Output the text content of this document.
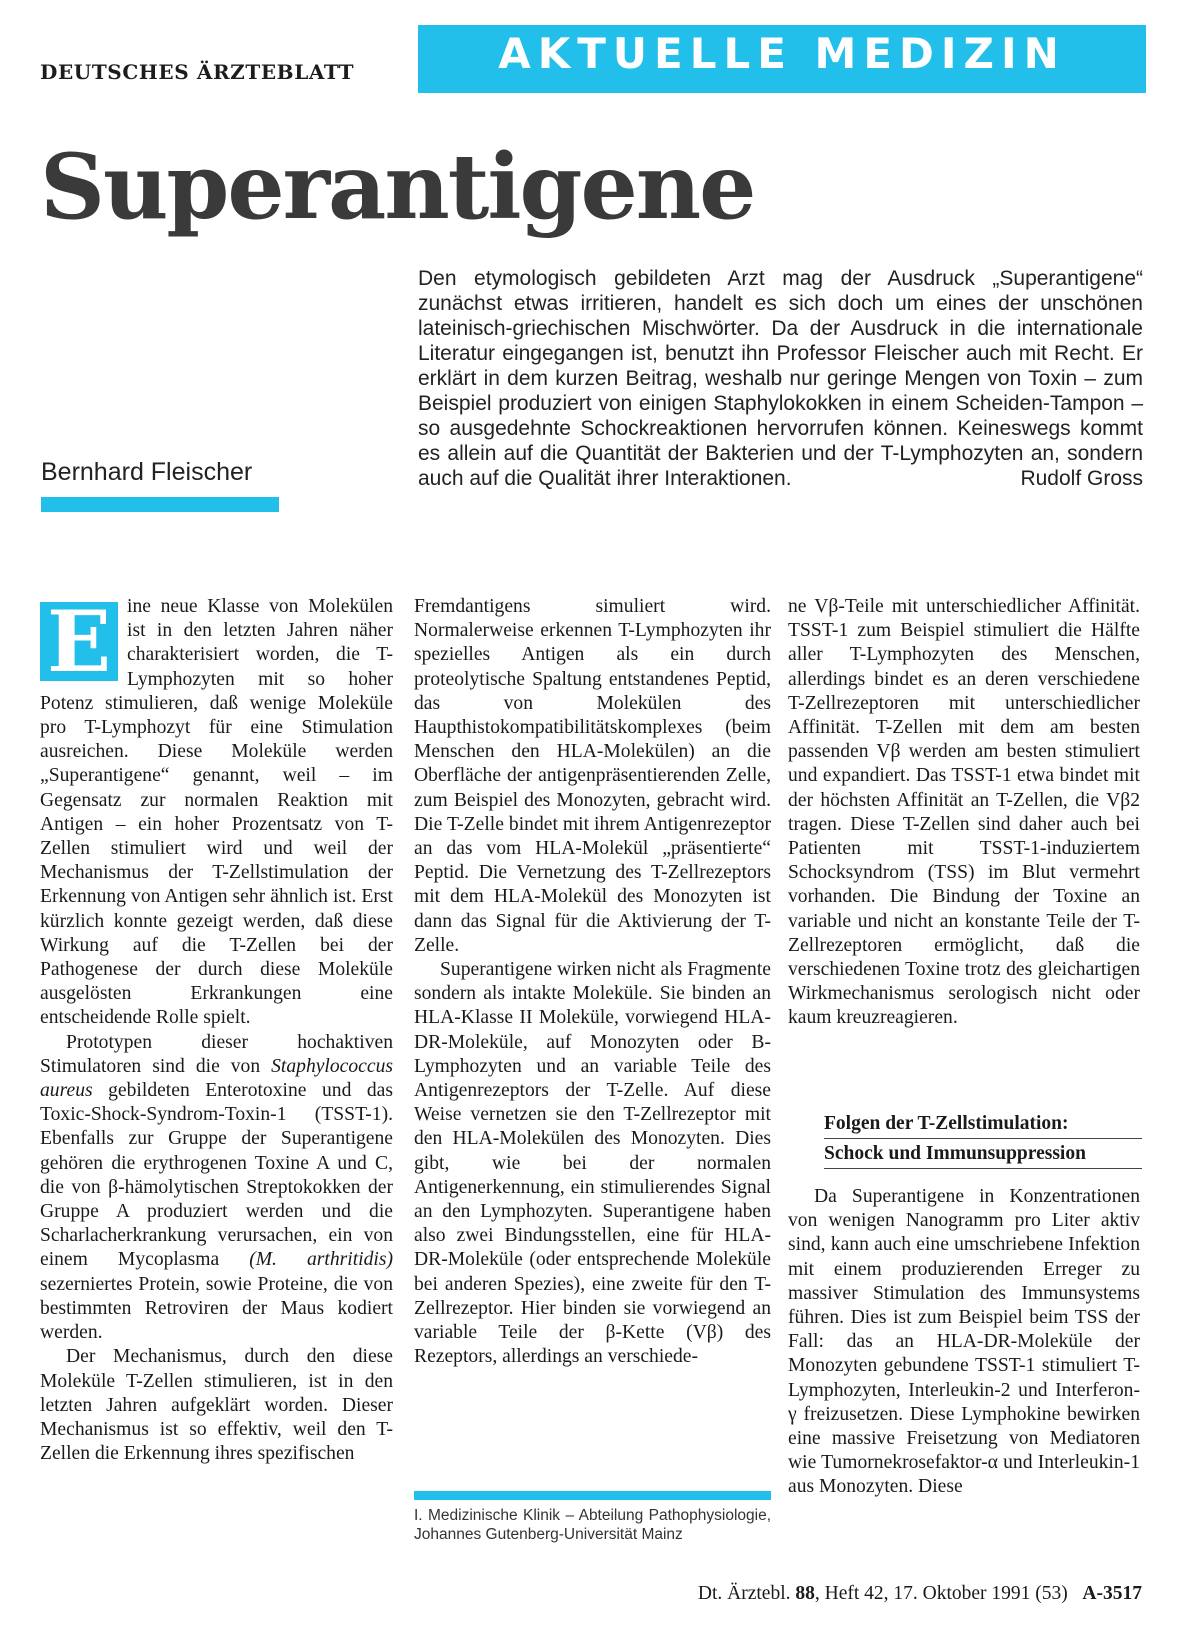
DEUTSCHES ÄRZTEBLATT	AKTUELLE MEDIZIN
Superantigene
Bernhard Fleischer
Den etymologisch gebildeten Arzt mag der Ausdruck „Superantigene“ zunächst etwas irritieren, handelt es sich doch um eines der unschönen lateinisch-griechischen Mischwörter. Da der Ausdruck in die internationale Literatur eingegangen ist, benutzt ihn Professor Fleischer auch mit Recht. Er erklärt in dem kurzen Beitrag, weshalb nur geringe Mengen von Toxin – zum Beispiel produziert von einigen Staphylokokken in einem Scheiden-Tampon – so ausgedehnte Schockreaktionen hervorrufen können. Keineswegs kommt es allein auf die Quantität der Bakterien und der T-Lymphozyten an, sondern auch auf die Qualität ihrer Interaktionen.	Rudolf Gross

E ine neue Klasse von Molekülen ist in den letzten Jahren näher charakterisiert worden, die T-Lymphozyten mit so hoher Potenz stimulieren, daß wenige Moleküle pro T-Lymphozyt für eine Stimulation ausreichen. Diese Moleküle werden „Superantigene“ genannt, weil – im Gegensatz zur normalen Reaktion mit Antigen – ein hoher Prozentsatz von T-Zellen stimuliert wird und weil der Mechanismus der T-Zellstimulation der Erkennung von Antigen sehr ähnlich ist. Erst kürzlich konnte gezeigt werden, daß diese Wirkung auf die T-Zellen bei der Pathogenese der durch diese Moleküle ausgelösten Erkrankungen eine entscheidende Rolle spielt.

Prototypen dieser hochaktiven Stimulatoren sind die von Staphylococcus aureus gebildeten Enterotoxine und das Toxic-Shock-Syndrom-Toxin-1 (TSST-1). Ebenfalls zur Gruppe der Superantigene gehören die erythrogenen Toxine A und C, die von β-hämolytischen Streptokokken der Gruppe A produziert werden und die Scharlacherkrankung verursachen, ein von einem Mycoplasma (M. arthritidis) sezerniertes Protein, sowie Proteine, die von bestimmten Retroviren der Maus kodiert werden.

Der Mechanismus, durch den diese Moleküle T-Zellen stimulieren, ist in den letzten Jahren aufgeklärt worden. Dieser Mechanismus ist so effektiv, weil den T-Zellen die Erkennung ihres spezifischen

Fremdantigens simuliert wird. Normalerweise erkennen T-Lymphozyten ihr spezielles Antigen als ein durch proteolytische Spaltung entstandenes Peptid, das von Molekülen des Haupthistokompatibilitätskomplexes (beim Menschen den HLA-Molekülen) an die Oberfläche der antigenpräsentierenden Zelle, zum Beispiel des Monozyten, gebracht wird. Die T-Zelle bindet mit ihrem Antigenrezeptor an das vom HLA-Molekül „präsentierte“ Peptid. Die Vernetzung des T-Zellrezeptors mit dem HLA-Molekül des Monozyten ist dann das Signal für die Aktivierung der T-Zelle.

Superantigene wirken nicht als Fragmente sondern als intakte Moleküle. Sie binden an HLA-Klasse II Moleküle, vorwiegend HLA-DR-Moleküle, auf Monozyten oder B-Lymphozyten und an variable Teile des Antigenrezeptors der T-Zelle. Auf diese Weise vernetzen sie den T-Zellrezeptor mit den HLA-Molekülen des Monozyten. Dies gibt, wie bei der normalen Antigenerkennung, ein stimulierendes Signal an den Lymphozyten. Superantigene haben also zwei Bindungsstellen, eine für HLA-DR-Moleküle (oder entsprechende Moleküle bei anderen Spezies), eine zweite für den T-Zellrezeptor. Hier binden sie vorwiegend an variable Teile der β-Kette (Vβ) des Rezeptors, allerdings an verschiede-

ne Vβ-Teile mit unterschiedlicher Affinität. TSST-1 zum Beispiel stimuliert die Hälfte aller T-Lymphozyten des Menschen, allerdings bindet es an deren verschiedene T-Zellrezeptoren mit unterschiedlicher Affinität. T-Zellen mit dem am besten passenden Vβ werden am besten stimuliert und expandiert. Das TSST-1 etwa bindet mit der höchsten Affinität an T-Zellen, die Vβ2 tragen. Diese T-Zellen sind daher auch bei Patienten mit TSST-1-induziertem Schocksyndrom (TSS) im Blut vermehrt vorhanden. Die Bindung der Toxine an variable und nicht an konstante Teile der T-Zellrezeptoren ermöglicht, daß die verschiedenen Toxine trotz des gleichartigen Wirkmechanismus serologisch nicht oder kaum kreuzreagieren.

Folgen der T-Zellstimulation:
Schock und Immunsuppression

Da Superantigene in Konzentrationen von wenigen Nanogramm pro Liter aktiv sind, kann auch eine umschriebene Infektion mit einem produzierenden Erreger zu massiver Stimulation des Immunsystems führen. Dies ist zum Beispiel beim TSS der Fall: das an HLA-DR-Moleküle der Monozyten gebundene TSST-1 stimuliert T-Lymphozyten, Interleukin-2 und Interferon-γ freizusetzen. Diese Lymphokine bewirken eine massive Freisetzung von Mediatoren wie Tumornekrosefaktor-α und Interleukin-1 aus Monozyten. Diese

I. Medizinische Klinik – Abteilung Pathophysiologie, Johannes Gutenberg-Universität Mainz
Dt. Ärztebl. 88, Heft 42, 17. Oktober 1991 (53) A-3517
